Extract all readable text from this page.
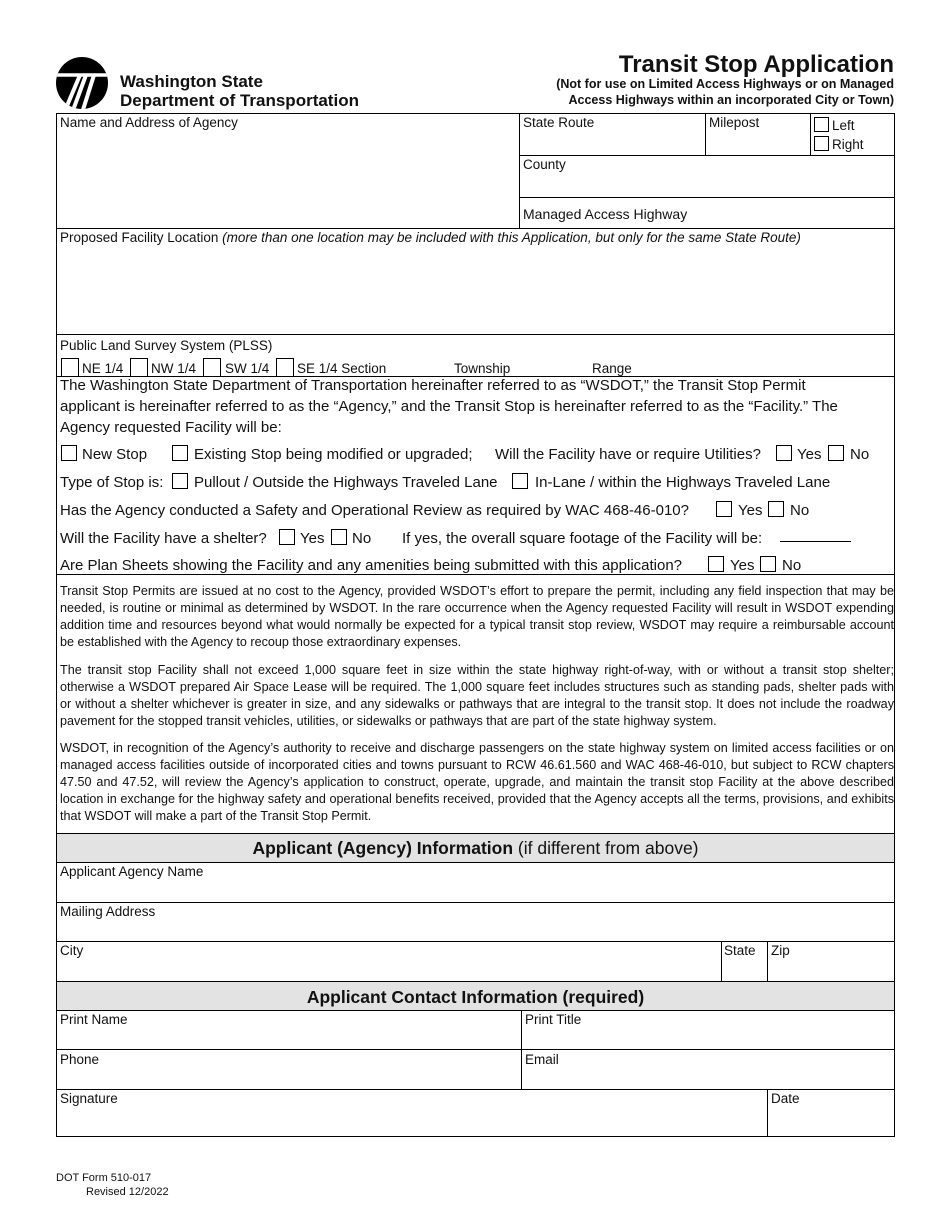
Washington State
Department of Transportation
Transit Stop Application
(Not for use on Limited Access Highways or on Managed
Access Highways within an incorporated City or Town)
Name and Address of Agency	State Route	Milepost	Left
Right
County
Managed Access Highway
Proposed Facility Location (more than one location may be included with this Application, but only for the same State Route)
Public Land Survey System (PLSS)
NE 1/4 NW 1/4 SW 1/4 SE 1/4 Section	Township	Range
The Washington State Department of Transportation hereinafter referred to as “WSDOT,” the Transit Stop Permit
applicant is hereinafter referred to as the “Agency,” and the Transit Stop is hereinafter referred to as the “Facility.” The
Agency requested Facility will be:
New Stop	Existing Stop being modified or upgraded; Will the Facility have or require Utilities? Yes No
Type of Stop is: Pullout / Outside the Highways Traveled Lane In-Lane / within the Highways Traveled Lane
Has the Agency conducted a Safety and Operational Review as required by WAC 468-46-010?	Yes No
Will the Facility have a shelter? Yes No If yes, the overall square footage of the Facility will be:
Are Plan Sheets showing the Facility and any amenities being submitted with this application?	Yes No
Transit Stop Permits are issued at no cost to the Agency, provided WSDOT’s effort to prepare the permit, including any field inspection that may be needed, is routine or minimal as determined by WSDOT. In the rare occurrence when the Agency requested Facility will result in WSDOT expending addition time and resources beyond what would normally be expected for a typical transit stop review, WSDOT may require a reimbursable account be established with the Agency to recoup those extraordinary expenses.
The transit stop Facility shall not exceed 1,000 square feet in size within the state highway right-of-way, with or without a transit stop shelter; otherwise a WSDOT prepared Air Space Lease will be required. The 1,000 square feet includes structures such as standing pads, shelter pads with or without a shelter whichever is greater in size, and any sidewalks or pathways that are integral to the transit stop. It does not include the roadway pavement for the stopped transit vehicles, utilities, or sidewalks or pathways that are part of the state highway system.
WSDOT, in recognition of the Agency’s authority to receive and discharge passengers on the state highway system on limited access facilities or on managed access facilities outside of incorporated cities and towns pursuant to RCW 46.61.560 and WAC 468-46-010, but subject to RCW chapters 47.50 and 47.52, will review the Agency’s application to construct, operate, upgrade, and maintain the transit stop Facility at the above described location in exchange for the highway safety and operational benefits received, provided that the Agency accepts all the terms, provisions, and exhibits that WSDOT will make a part of the Transit Stop Permit.
Applicant (Agency) Information (if different from above)
Applicant Agency Name
Mailing Address
City	State Zip
Applicant Contact Information (required)
Print Name	Print Title
Phone	Email
Signature	Date
DOT Form 510-017
Revised 12/2022
